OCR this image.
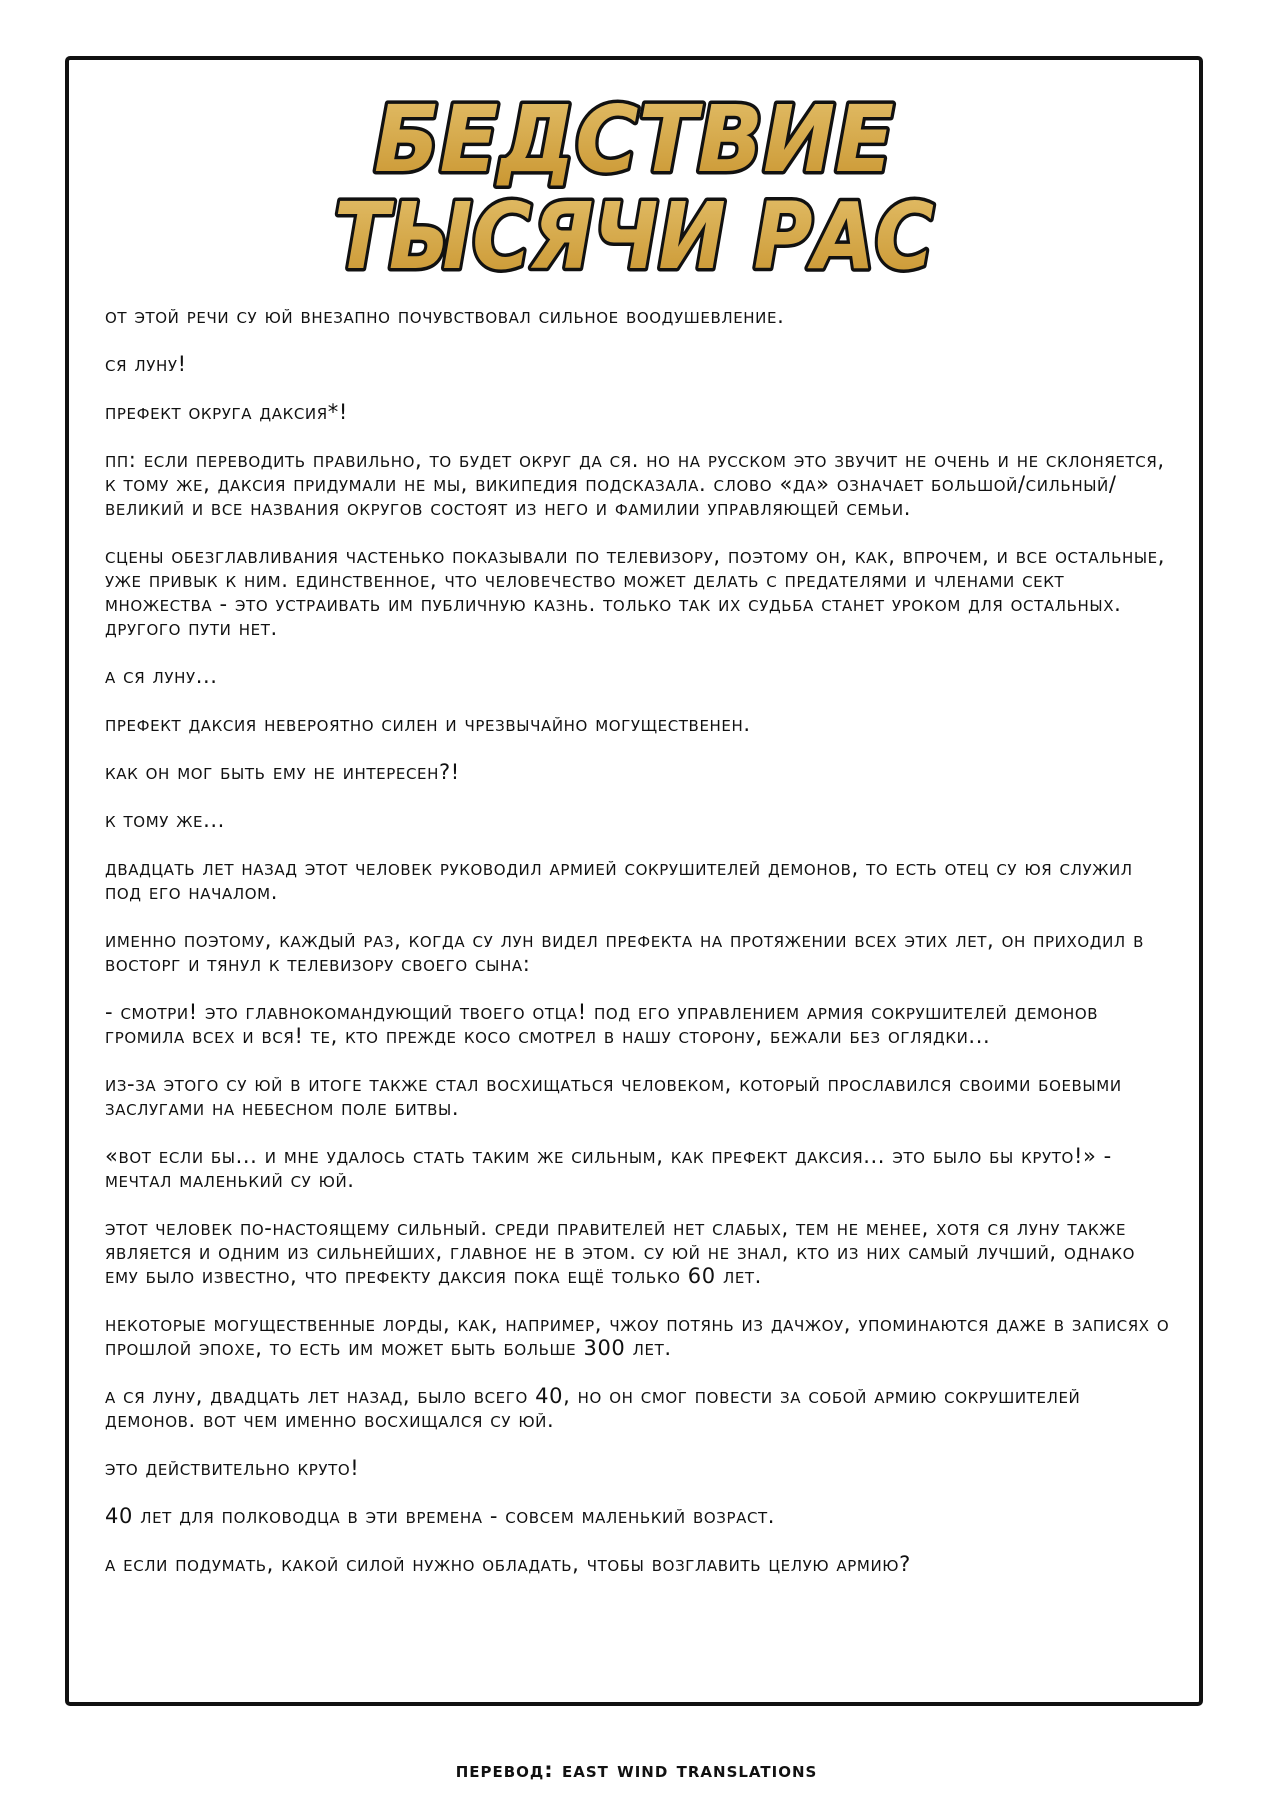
БЕДСТВИЕ
ТЫСЯЧИ РАС

от этой речи су юй внезапно почувствовал сильное воодушевление.

ся луну!

префект округа даксия*!

пп: если переводить правильно, то будет округ да ся. но на русском это звучит не очень и не склоняется, к тому же, даксия придумали не мы, википедия подсказала. слово «да» означает большой/сильный/великий и все названия округов состоят из него и фамилии управляющей семьи.

сцены обезглавливания частенько показывали по телевизору, поэтому он, как, впрочем, и все остальные, уже привык к ним. единственное, что человечество может делать с предателями и членами сект множества - это устраивать им публичную казнь. только так их судьба станет уроком для остальных. другого пути нет.

а ся луну...

префект даксия невероятно силен и чрезвычайно могущественен.

как он мог быть ему не интересен?!

к тому же...

двадцать лет назад этот человек руководил армией сокрушителей демонов, то есть отец су юя служил под его началом.

именно поэтому, каждый раз, когда су лун видел префекта на протяжении всех этих лет, он приходил в восторг и тянул к телевизору своего сына:

- смотри! это главнокомандующий твоего отца! под его управлением армия сокрушителей демонов громила всех и вся! те, кто прежде косо смотрел в нашу сторону, бежали без оглядки...

из-за этого су юй в итоге также стал восхищаться человеком, который прославился своими боевыми заслугами на небесном поле битвы.

«вот если бы... и мне удалось стать таким же сильным, как префект даксия... это было бы круто!» - мечтал маленький су юй.

этот человек по-настоящему сильный. среди правителей нет слабых, тем не менее, хотя ся луну также является и одним из сильнейших, главное не в этом. су юй не знал, кто из них самый лучший, однако ему было известно, что префекту даксия пока ещё только 60 лет.

некоторые могущественные лорды, как, например, чжоу потянь из дачжоу, упоминаются даже в записях о прошлой эпохе, то есть им может быть больше 300 лет.

а ся луну, двадцать лет назад, было всего 40, но он смог повести за собой армию сокрушителей демонов. вот чем именно восхищался су юй.

это действительно круто!

40 лет для полководца в эти времена - совсем маленький возраст.

а если подумать, какой силой нужно обладать, чтобы возглавить целую армию?

перевод: east wind translations
